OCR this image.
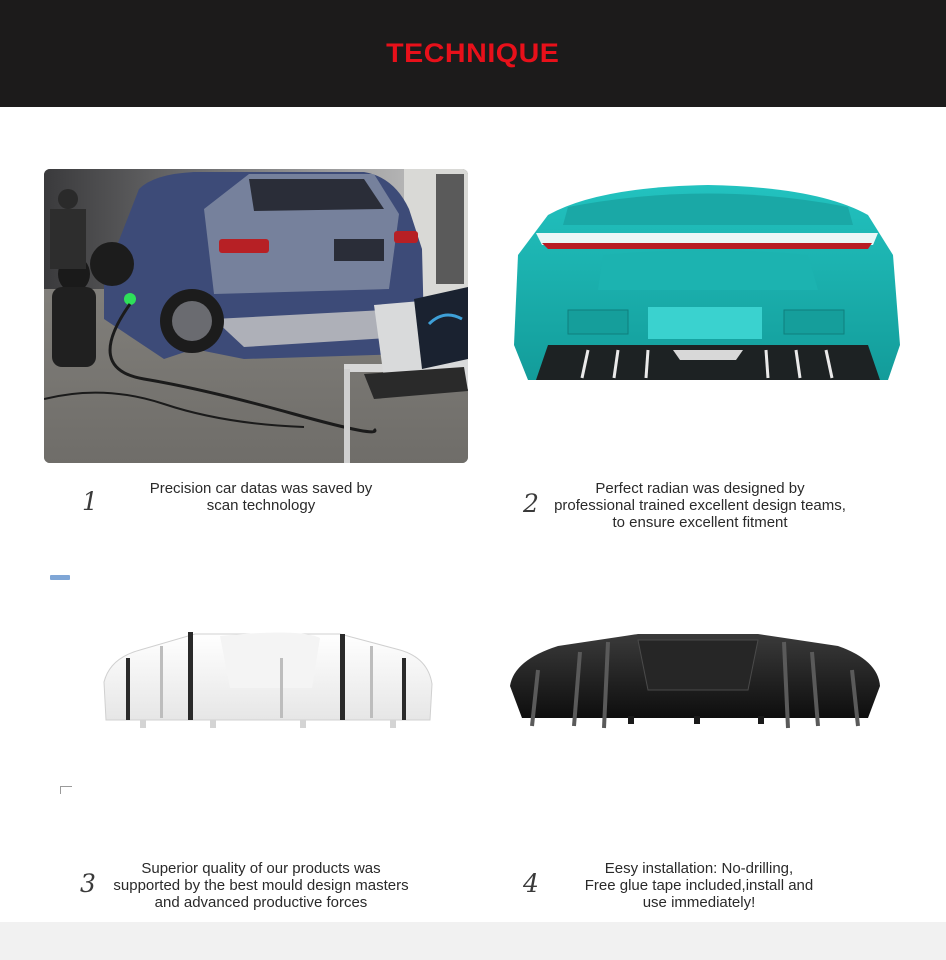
TECHNIQUE
1	Precision car datas was saved by
scan technology	2
Perfect radian was designed by
professional trained excellent design teams,
to ensure excellent fitment
3
Superior quality of our products was
supported by the best mould design masters
and advanced productive forces
4
Eesy installation: No-drilling,
Free glue tape included,install and
use immediately!
